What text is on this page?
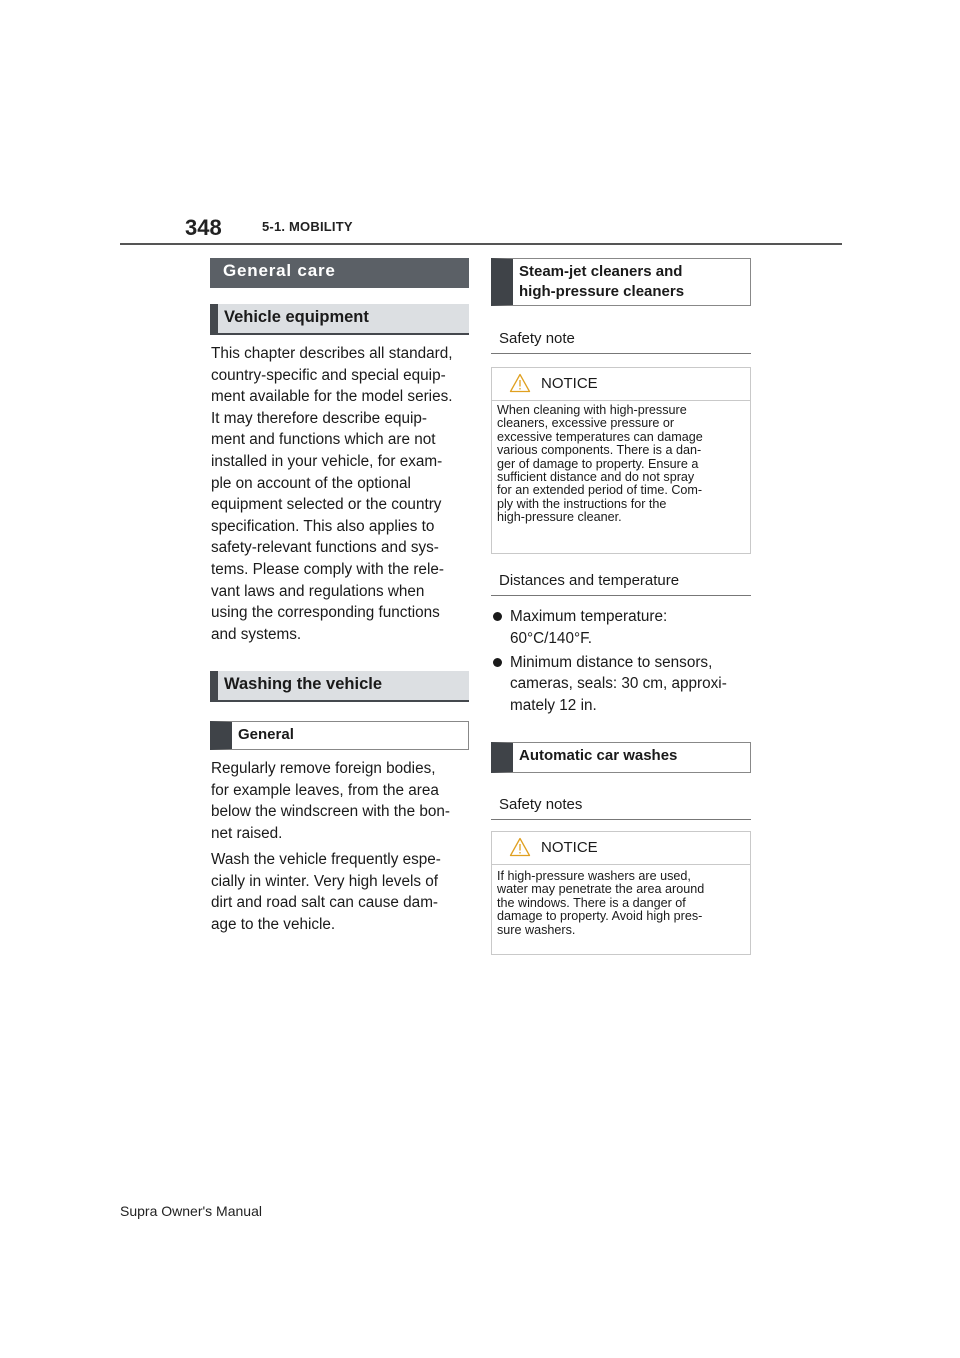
348	5-1. MOBILITY
General care
Vehicle equipment

This chapter describes all standard,

country-specific and special equip-

ment available for the model series.

It may therefore describe equip-

ment and functions which are not

installed in your vehicle, for exam-

ple on account of the optional

equipment selected or the country

specification. This also applies to

safety-relevant functions and sys-

tems. Please comply with the rele-

vant laws and regulations when

using the corresponding functions

and systems.

Washing the vehicle
General

Regularly remove foreign bodies,

for example leaves, from the area

below the windscreen with the bon-

net raised.

Wash the vehicle frequently espe-

cially in winter. Very high levels of

dirt and road salt can cause dam-

age to the vehicle.

Steam-jet cleaners and
high-pressure cleaners
Safety note
NOTICE
When cleaning with high-pressure
cleaners, excessive pressure or
excessive temperatures can damage
various components. There is a dan-
ger of damage to property. Ensure a
sufficient distance and do not spray
for an extended period of time. Com-
ply with the instructions for the
high-pressure cleaner.
Distances and temperature
Maximum temperature:
60°C/140°F.
Minimum distance to sensors,
cameras, seals: 30 cm, approxi-
mately 12 in.
Automatic car washes
Safety notes
NOTICE
If high-pressure washers are used,
water may penetrate the area around
the windows. There is a danger of
damage to property. Avoid high pres-
sure washers.
Supra Owner's Manual
